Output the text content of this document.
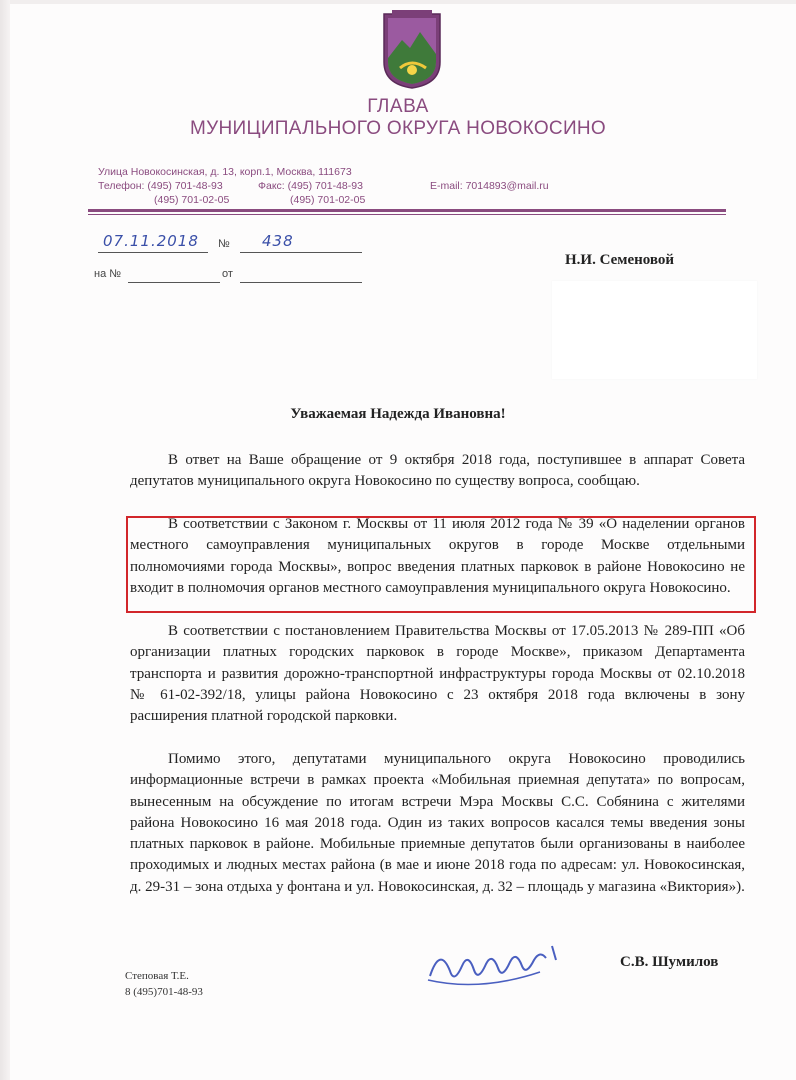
ГЛАВА
МУНИЦИПАЛЬНОГО ОКРУГА НОВОКОСИНО
Улица Новокосинская, д. 13, корп.1, Москва, 111673
Телефон: (495) 701-48-93
(495) 701-02-05
Факс: (495) 701-48-93
(495) 701-02-05
E-mail: 7014893@mail.ru
07.11.2018 № 438
на №	от
Н.И. Семеновой
Уважаемая Надежда Ивановна!

В ответ на Ваше обращение от 9 октября 2018 года, поступившее в аппарат Совета депутатов муниципального округа Новокосино по существу вопроса, сообщаю.

В соответствии с Законом г. Москвы от 11 июля 2012 года № 39 «О наделении органов местного самоуправления муниципальных округов в городе Москве отдельными полномочиями города Москвы», вопрос введения платных парковок в районе Новокосино не входит в полномочия органов местного самоуправления муниципального округа Новокосино.

В соответствии с постановлением Правительства Москвы от 17.05.2013 № 289-ПП «Об организации платных городских парковок в городе Москве», приказом Департамента транспорта и развития дорожно-транспортной инфраструктуры города Москвы от 02.10.2018 № 61-02-392/18, улицы района Новокосино с 23 октября 2018 года включены в зону расширения платной городской парковки.

Помимо этого, депутатами муниципального округа Новокосино проводились информационные встречи в рамках проекта «Мобильная приемная депутата» по вопросам, вынесенным на обсуждение по итогам встречи Мэра Москвы С.С. Собянина с жителями района Новокосино 16 мая 2018 года. Один из таких вопросов касался темы введения зоны платных парковок в районе. Мобильные приемные депутатов были организованы в наиболее проходимых и людных местах района (в мае и июне 2018 года по адресам: ул. Новокосинская, д. 29-31 – зона отдыха у фонтана и ул. Новокосинская, д. 32 – площадь у магазина «Виктория»).

С.В. Шумилов
Степовая Т.Е.
8 (495)701-48-93
